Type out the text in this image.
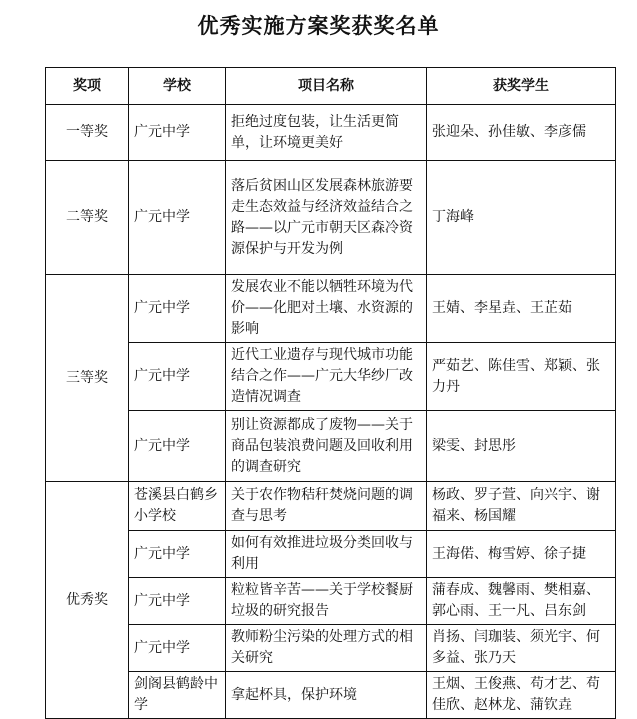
优秀实施方案奖获奖名单
奖项	学校	项目名称	获奖学生
一等奖	广元中学	拒绝过度包装，让生活更简单，让环境更美好	张迎朵、孙佳敏、李彦儒
二等奖	广元中学	落后贫困山区发展森林旅游要走生态效益与经济效益结合之路——以广元市朝天区森冷资源保护与开发为例	丁海峰
三等奖	广元中学	发展农业不能以牺牲环境为代价——化肥对土壤、水资源的影响	王婧、李星垚、王芷茹
	广元中学	近代工业遗存与现代城市功能结合之作——广元大华纱厂改造情况调查	严茹艺、陈佳雪、郑颖、张力丹
	广元中学	别让资源都成了废物——关于商品包装浪费问题及回收利用的调查研究	梁雯、封思彤
优秀奖	苍溪县白鹤乡小学校	关于农作物秸秆焚烧问题的调查与思考	杨政、罗子萱、向兴宇、谢福来、杨国耀
	广元中学	如何有效推进垃圾分类回收与利用	王海偌、梅雪婷、徐子捷
	广元中学	粒粒皆辛苦——关于学校餐厨垃圾的研究报告	蒲春成、魏馨雨、樊相嘉、郭心雨、王一凡、吕东剑
	广元中学	教师粉尘污染的处理方式的相关研究	肖扬、闫珈装、须光宇、何多益、张乃天
	剑阁县鹤龄中学	拿起杯具，保护环境	王烟、王俊燕、苟才艺、苟佳欣、赵林龙、蒲钦垚
